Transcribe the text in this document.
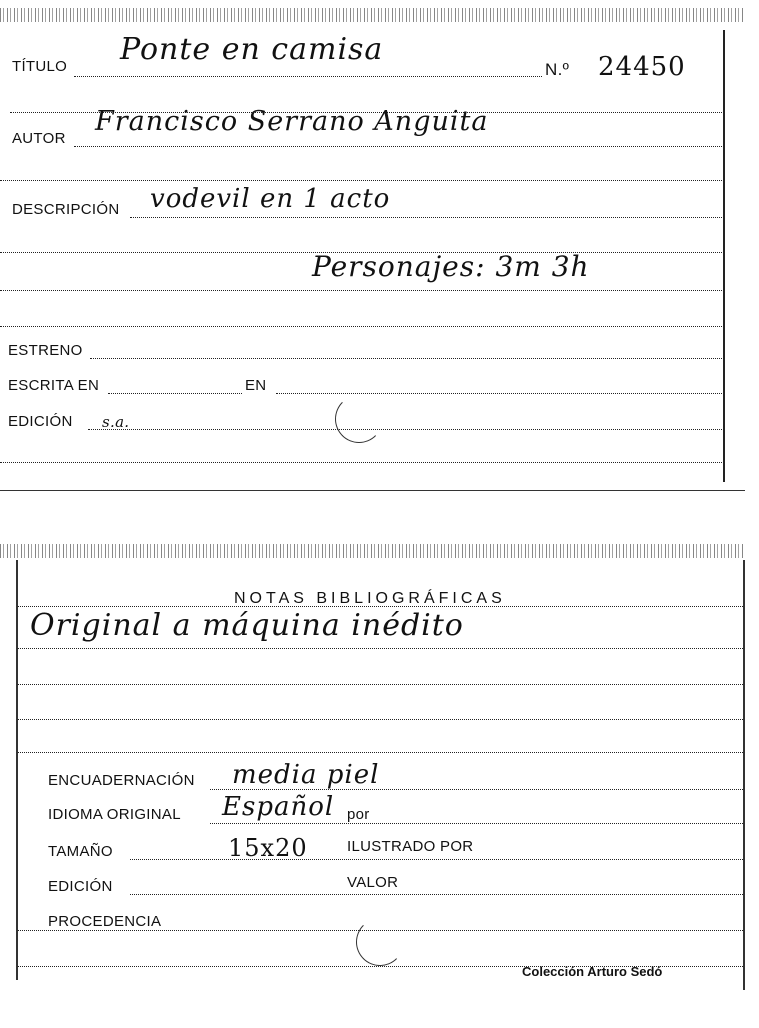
TÍTULO Ponte en camisa
N.º 24450
AUTOR
Francisco Serrano Anguita
DESCRIPCIÓN vodevil en 1 acto
Personajes: 3m 3h
ESTRENO
ESCRITA EN	EN
EDICIÓN s.a.
NOTAS BIBLIOGRÁFICAS
Original a máquina inédito
ENCUADERNACIÓN media piel
IDIOMA ORIGINAL Español por
TAMAÑO	15x20	ILUSTRADO POR
EDICIÓN	VALOR
PROCEDENCIA
Colección Arturo Sedó
